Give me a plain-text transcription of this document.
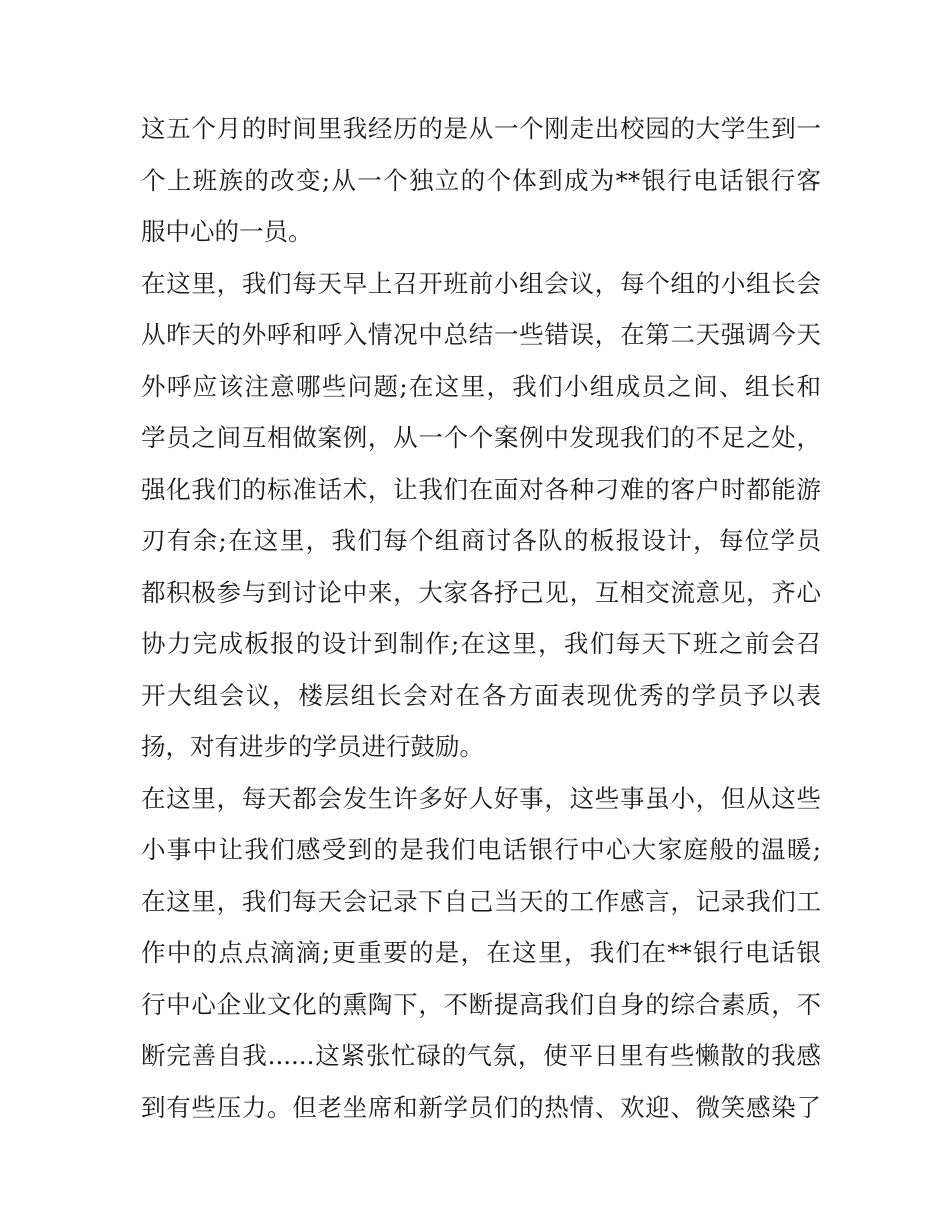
这五个月的时间里我经历的是从一个刚走出校园的大学生到一
个上班族的改变;从一个独立的个体到成为**银行电话银行客
服中心的一员。
在这里，我们每天早上召开班前小组会议，每个组的小组长会
从昨天的外呼和呼入情况中总结一些错误，在第二天强调今天
外呼应该注意哪些问题;在这里，我们小组成员之间、组长和
学员之间互相做案例，从一个个案例中发现我们的不足之处，
强化我们的标准话术，让我们在面对各种刁难的客户时都能游
刃有余;在这里，我们每个组商讨各队的板报设计，每位学员
都积极参与到讨论中来，大家各抒己见，互相交流意见，齐心
协力完成板报的设计到制作;在这里，我们每天下班之前会召
开大组会议，楼层组长会对在各方面表现优秀的学员予以表
扬，对有进步的学员进行鼓励。
在这里，每天都会发生许多好人好事，这些事虽小，但从这些
小事中让我们感受到的是我们电话银行中心大家庭般的温暖;
在这里，我们每天会记录下自己当天的工作感言，记录我们工
作中的点点滴滴;更重要的是，在这里，我们在**银行电话银
行中心企业文化的熏陶下，不断提高我们自身的综合素质，不
断完善自我......这紧张忙碌的气氛，使平日里有些懒散的我感
到有些压力。但老坐席和新学员们的热情、欢迎、微笑感染了
